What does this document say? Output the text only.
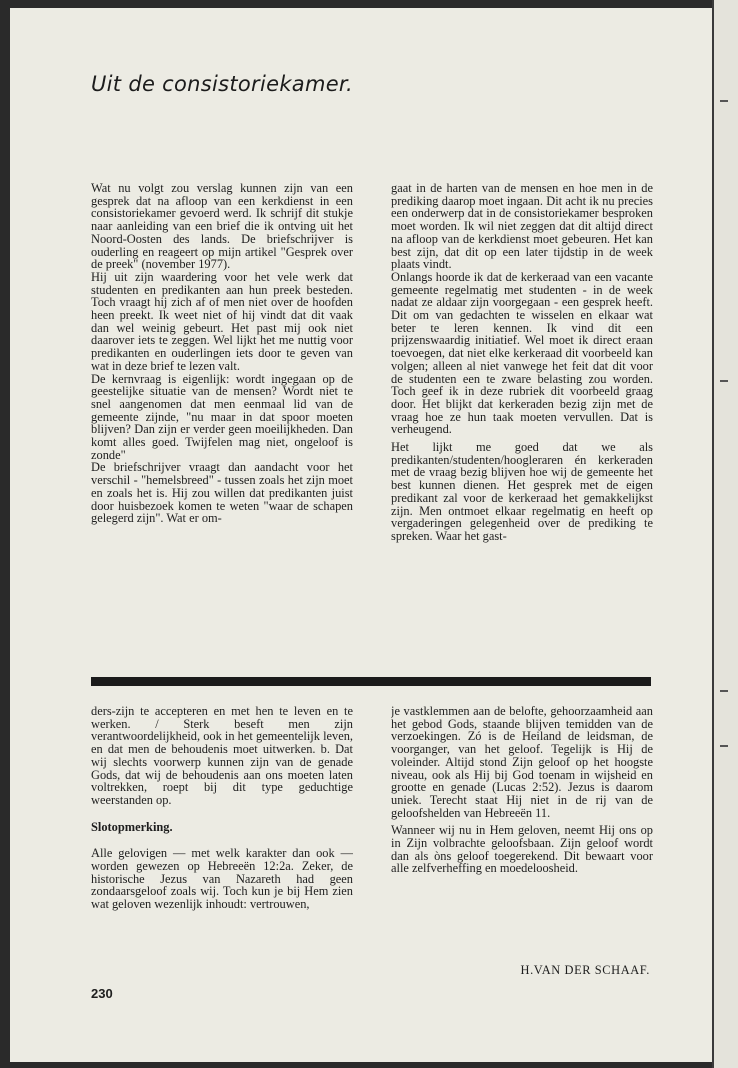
Uit de consistoriekamer.

Wat nu volgt zou verslag kunnen zijn van een gesprek dat na afloop van een kerkdienst in een consistoriekamer gevoerd werd. Ik schrijf dit stukje naar aanleiding van een brief die ik ontving uit het Noord-Oosten des lands. De briefschrijver is ouderling en reageert op mijn artikel "Gesprek over de preek" (november 1977).

Hij uit zijn waardering voor het vele werk dat studenten en predikanten aan hun preek besteden. Toch vraagt hij zich af of men niet over de hoofden heen preekt. Ik weet niet of hij vindt dat dit vaak dan wel weinig gebeurt. Het past mij ook niet daarover iets te zeggen. Wel lijkt het me nuttig voor predikanten en ouderlingen iets door te geven van wat in deze brief te lezen valt.

De kernvraag is eigenlijk: wordt ingegaan op de geestelijke situatie van de mensen? Wordt niet te snel aangenomen dat men eenmaal lid van de gemeente zijnde, "nu maar in dat spoor moeten blijven? Dan zijn er verder geen moeilijkheden. Dan komt alles goed. Twijfelen mag niet, ongeloof is zonde"

De briefschrijver vraagt dan aandacht voor het verschil - "hemelsbreed" - tussen zoals het zijn moet en zoals het is. Hij zou willen dat predikanten juist door huisbezoek komen te weten "waar de schapen gelegerd zijn". Wat er om-

gaat in de harten van de mensen en hoe men in de prediking daarop moet ingaan. Dit acht ik nu precies een onderwerp dat in de consistoriekamer besproken moet worden. Ik wil niet zeggen dat dit altijd direct na afloop van de kerkdienst moet gebeuren. Het kan best zijn, dat dit op een later tijdstip in de week plaats vindt.

Onlangs hoorde ik dat de kerkeraad van een vacante gemeente regelmatig met studenten - in de week nadat ze aldaar zijn voorgegaan - een gesprek heeft. Dit om van gedachten te wisselen en elkaar wat beter te leren kennen. Ik vind dit een prijzenswaardig initiatief. Wel moet ik direct eraan toevoegen, dat niet elke kerkeraad dit voorbeeld kan volgen; alleen al niet vanwege het feit dat dit voor de studenten een te zware belasting zou worden. Toch geef ik in deze rubriek dit voorbeeld graag door. Het blijkt dat kerkeraden bezig zijn met de vraag hoe ze hun taak moeten vervullen. Dat is verheugend.

Het lijkt me goed dat we als predikanten/studenten/hoogleraren én kerkeraden met de vraag bezig blijven hoe wij de gemeente het best kunnen dienen. Het gesprek met de eigen predikant zal voor de kerkeraad het gemakkelijkst zijn. Men ontmoet elkaar regelmatig en heeft op vergaderingen gelegenheid over de prediking te spreken. Waar het gast-

ders-zijn te accepteren en met hen te leven en te werken. / Sterk beseft men zijn verantwoordelijkheid, ook in het gemeentelijk leven, en dat men de behoudenis moet uitwerken. b. Dat wij slechts voorwerp kunnen zijn van de genade Gods, dat wij de behoudenis aan ons moeten laten voltrekken, roept bij dit type geduchtige weerstanden op.

Slotopmerking.

Alle gelovigen — met welk karakter dan ook — worden gewezen op Hebreeën 12:2a. Zeker, de historische Jezus van Nazareth had geen zondaarsgeloof zoals wij. Toch kun je bij Hem zien wat geloven wezenlijk inhoudt: vertrouwen,

je vastklemmen aan de belofte, gehoorzaamheid aan het gebod Gods, staande blijven temidden van de verzoekingen. Zó is de Heiland de leidsman, de voorganger, van het geloof. Tegelijk is Hij de voleinder. Altijd stond Zijn geloof op het hoogste niveau, ook als Hij bij God toenam in wijsheid en grootte en genade (Lucas 2:52). Jezus is daarom uniek. Terecht staat Hij niet in de rij van de geloofshelden van Hebreeën 11.

Wanneer wij nu in Hem geloven, neemt Hij ons op in Zijn volbrachte geloofsbaan. Zijn geloof wordt dan als òns geloof toegerekend. Dit bewaart voor alle zelfverheffing en moedeloosheid.

H.VAN DER SCHAAF.

230
